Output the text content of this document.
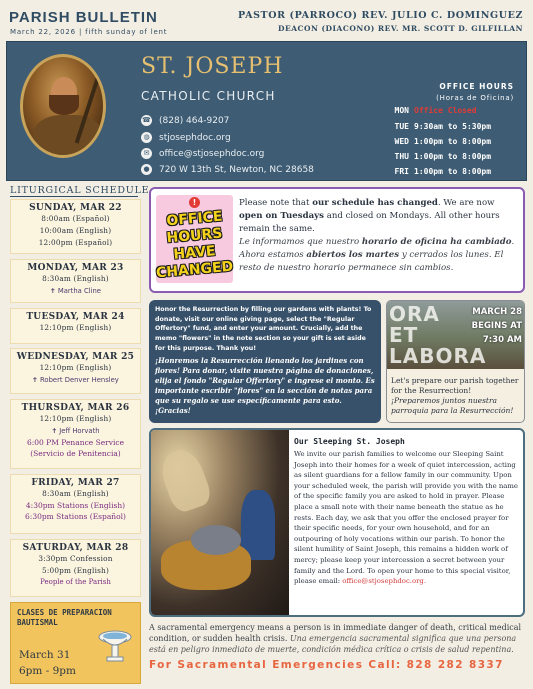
PARISH BULLETIN
March 22, 2026 | fifth sunday of lent
PASTOR (PARROCO) REV. JULIO C. DOMINGUEZ
DEACON (DIACONO) REV. MR. SCOTT D. GILFILLAN
ST. JOSEPH
CATHOLIC CHURCH
☎ (828) 464-9207
◍ stjosephdoc.org
✉ office@stjosephdoc.org
● 720 W 13th St, Newton, NC 28658
OFFICE HOURS
(Horas de Oficina)
MON Office Closed
TUE 9:30am to 5:30pm
WED 1:00pm to 8:00pm
THU 1:00pm to 8:00pm
FRI 1:00pm to 8:00pm
LITURGICAL SCHEDULE
SUNDAY, MAR 22
8:00am (Español)
10:00am (English)
12:00pm (Español)
MONDAY, MAR 23
8:30am (English)
✝ Martha Cline
TUESDAY, MAR 24
12:10pm (English)
WEDNESDAY, MAR 25
12:10pm (English)
✝ Robert Denver Hensley
THURSDAY, MAR 26
12:10pm (English)
✝ Jeff Horvath
6:00 PM Penance Service
(Servicio de Penitencia)
FRIDAY, MAR 27
8:30am (English)
4:30pm Stations (English)
6:30pm Stations (Español)
SATURDAY, MAR 28
3:30pm Confession
5:00pm (English)
People of the Parish
CLASES DE PREPARACION BAUTISMAL
March 31
6pm - 9pm
!
OFFICE
HOURS
HAVE
CHANGED
Please note that our schedule has changed. We are now open on Tuesdays and closed on Mondays. All other hours remain the same.
Le informamos que nuestro horario de oficina ha cambiado. Ahora estamos abiertos los martes y cerrados los lunes. El resto de nuestro horario permanece sin cambios.
Honor the Resurrection by filling our gardens with plants! To donate, visit our online giving page, select the "Regular Offertory" fund, and enter your amount. Crucially, add the memo "flowers" in the note section so your gift is set aside for this purpose. Thank you!
¡Honremos la Resurrección llenando los jardines con flores! Para donar, visite nuestra página de donaciones, elija el fondo "Regular Offertory" e ingrese el monto. Es importante escribir "flores" en la sección de notas para que su regalo se use específicamente para esto. ¡Gracias!
ORA
ET
LABORA
MARCH 28
BEGINS AT
7:30 AM
Let's prepare our parish together for the Resurrection!
¡Preparemos juntos nuestra parroquia para la Resurrección!
Our Sleeping St. Joseph
We invite our parish families to welcome our Sleeping Saint Joseph into their homes for a week of quiet intercession, acting as silent guardians for a fellow family in our community. Upon your scheduled week, the parish will provide you with the name of the specific family you are asked to hold in prayer. Please place a small note with their name beneath the statue as he rests. Each day, we ask that you offer the enclosed prayer for their specific needs, for your own household, and for an outpouring of holy vocations within our parish. To honor the silent humility of Saint Joseph, this remains a hidden work of mercy; please keep your intercession a secret between your family and the Lord. To open your home to this special visitor, please email: office@stjosephdoc.org.
A sacramental emergency means a person is in immediate danger of death, critical medical condition, or sudden health crisis. Una emergencia sacramental significa que una persona está en peligro inmediato de muerte, condición médica crítica o crisis de salud repentina.
For Sacramental Emergencies Call: 828 282 8337
